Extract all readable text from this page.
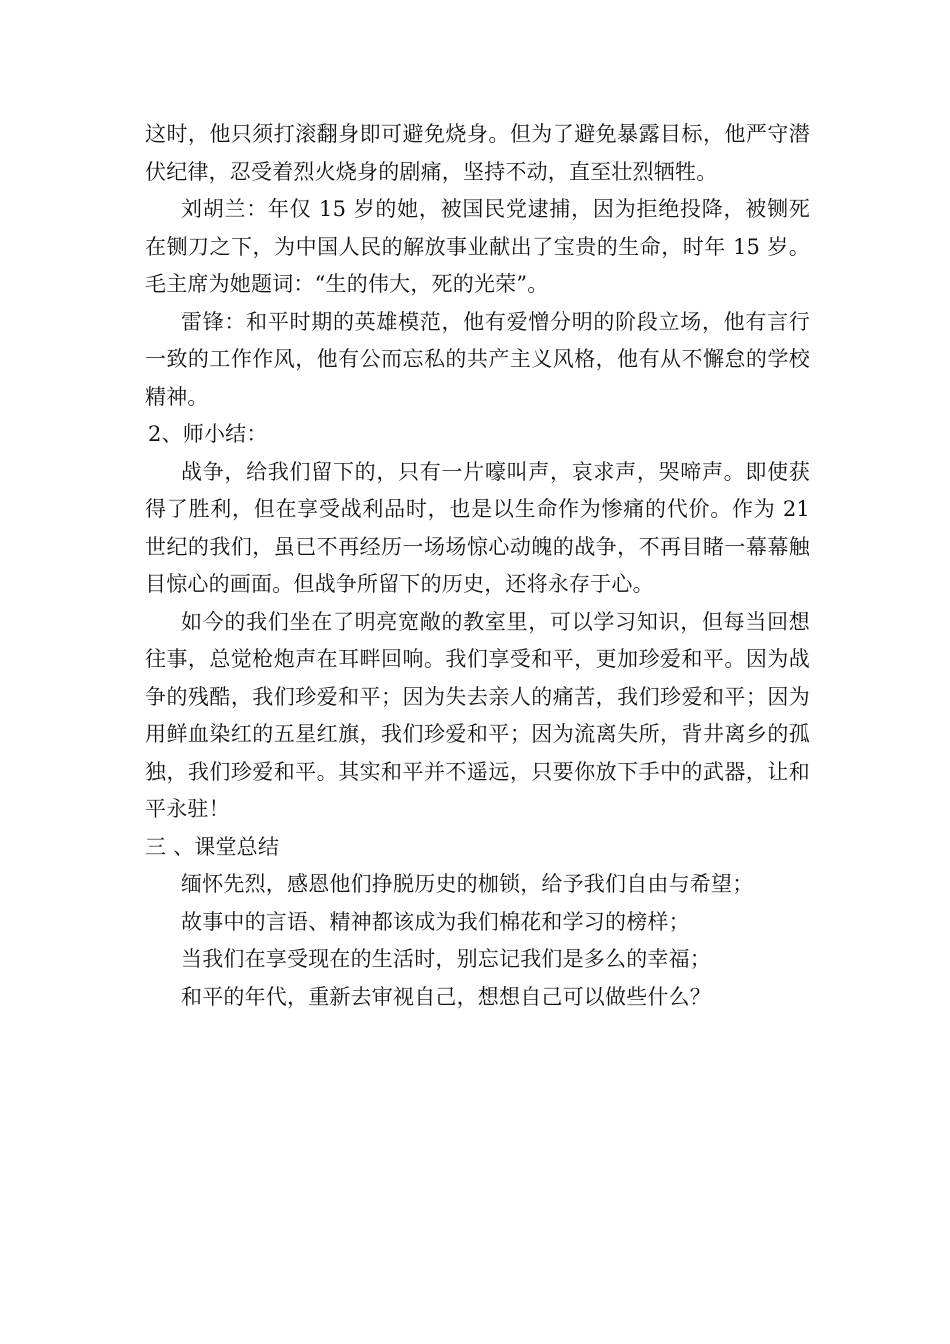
这时，他只须打滚翻身即可避免烧身。但为了避免暴露目标，他严守潜伏纪律，忍受着烈火烧身的剧痛，坚持不动，直至壮烈牺牲。

刘胡兰：年仅 15 岁的她，被国民党逮捕，因为拒绝投降，被铡死在铡刀之下，为中国人民的解放事业献出了宝贵的生命，时年 15 岁。毛主席为她题词：“生的伟大，死的光荣”。

雷锋：和平时期的英雄模范，他有爱憎分明的阶段立场，他有言行一致的工作作风，他有公而忘私的共产主义风格，他有从不懈怠的学校精神。

2、师小结：

战争，给我们留下的，只有一片嚎叫声，哀求声，哭啼声。即使获得了胜利，但在享受战利品时，也是以生命作为惨痛的代价。作为 21 世纪的我们，虽已不再经历一场场惊心动魄的战争，不再目睹一幕幕触目惊心的画面。但战争所留下的历史，还将永存于心。

如今的我们坐在了明亮宽敞的教室里，可以学习知识，但每当回想往事，总觉枪炮声在耳畔回响。我们享受和平，更加珍爱和平。因为战争的残酷，我们珍爱和平；因为失去亲人的痛苦，我们珍爱和平；因为用鲜血染红的五星红旗，我们珍爱和平；因为流离失所，背井离乡的孤独，我们珍爱和平。其实和平并不遥远，只要你放下手中的武器，让和平永驻！

三 、课堂总结

缅怀先烈，感恩他们挣脱历史的枷锁，给予我们自由与希望；

故事中的言语、精神都该成为我们棉花和学习的榜样；

当我们在享受现在的生活时，别忘记我们是多么的幸福；

和平的年代，重新去审视自己，想想自己可以做些什么？
